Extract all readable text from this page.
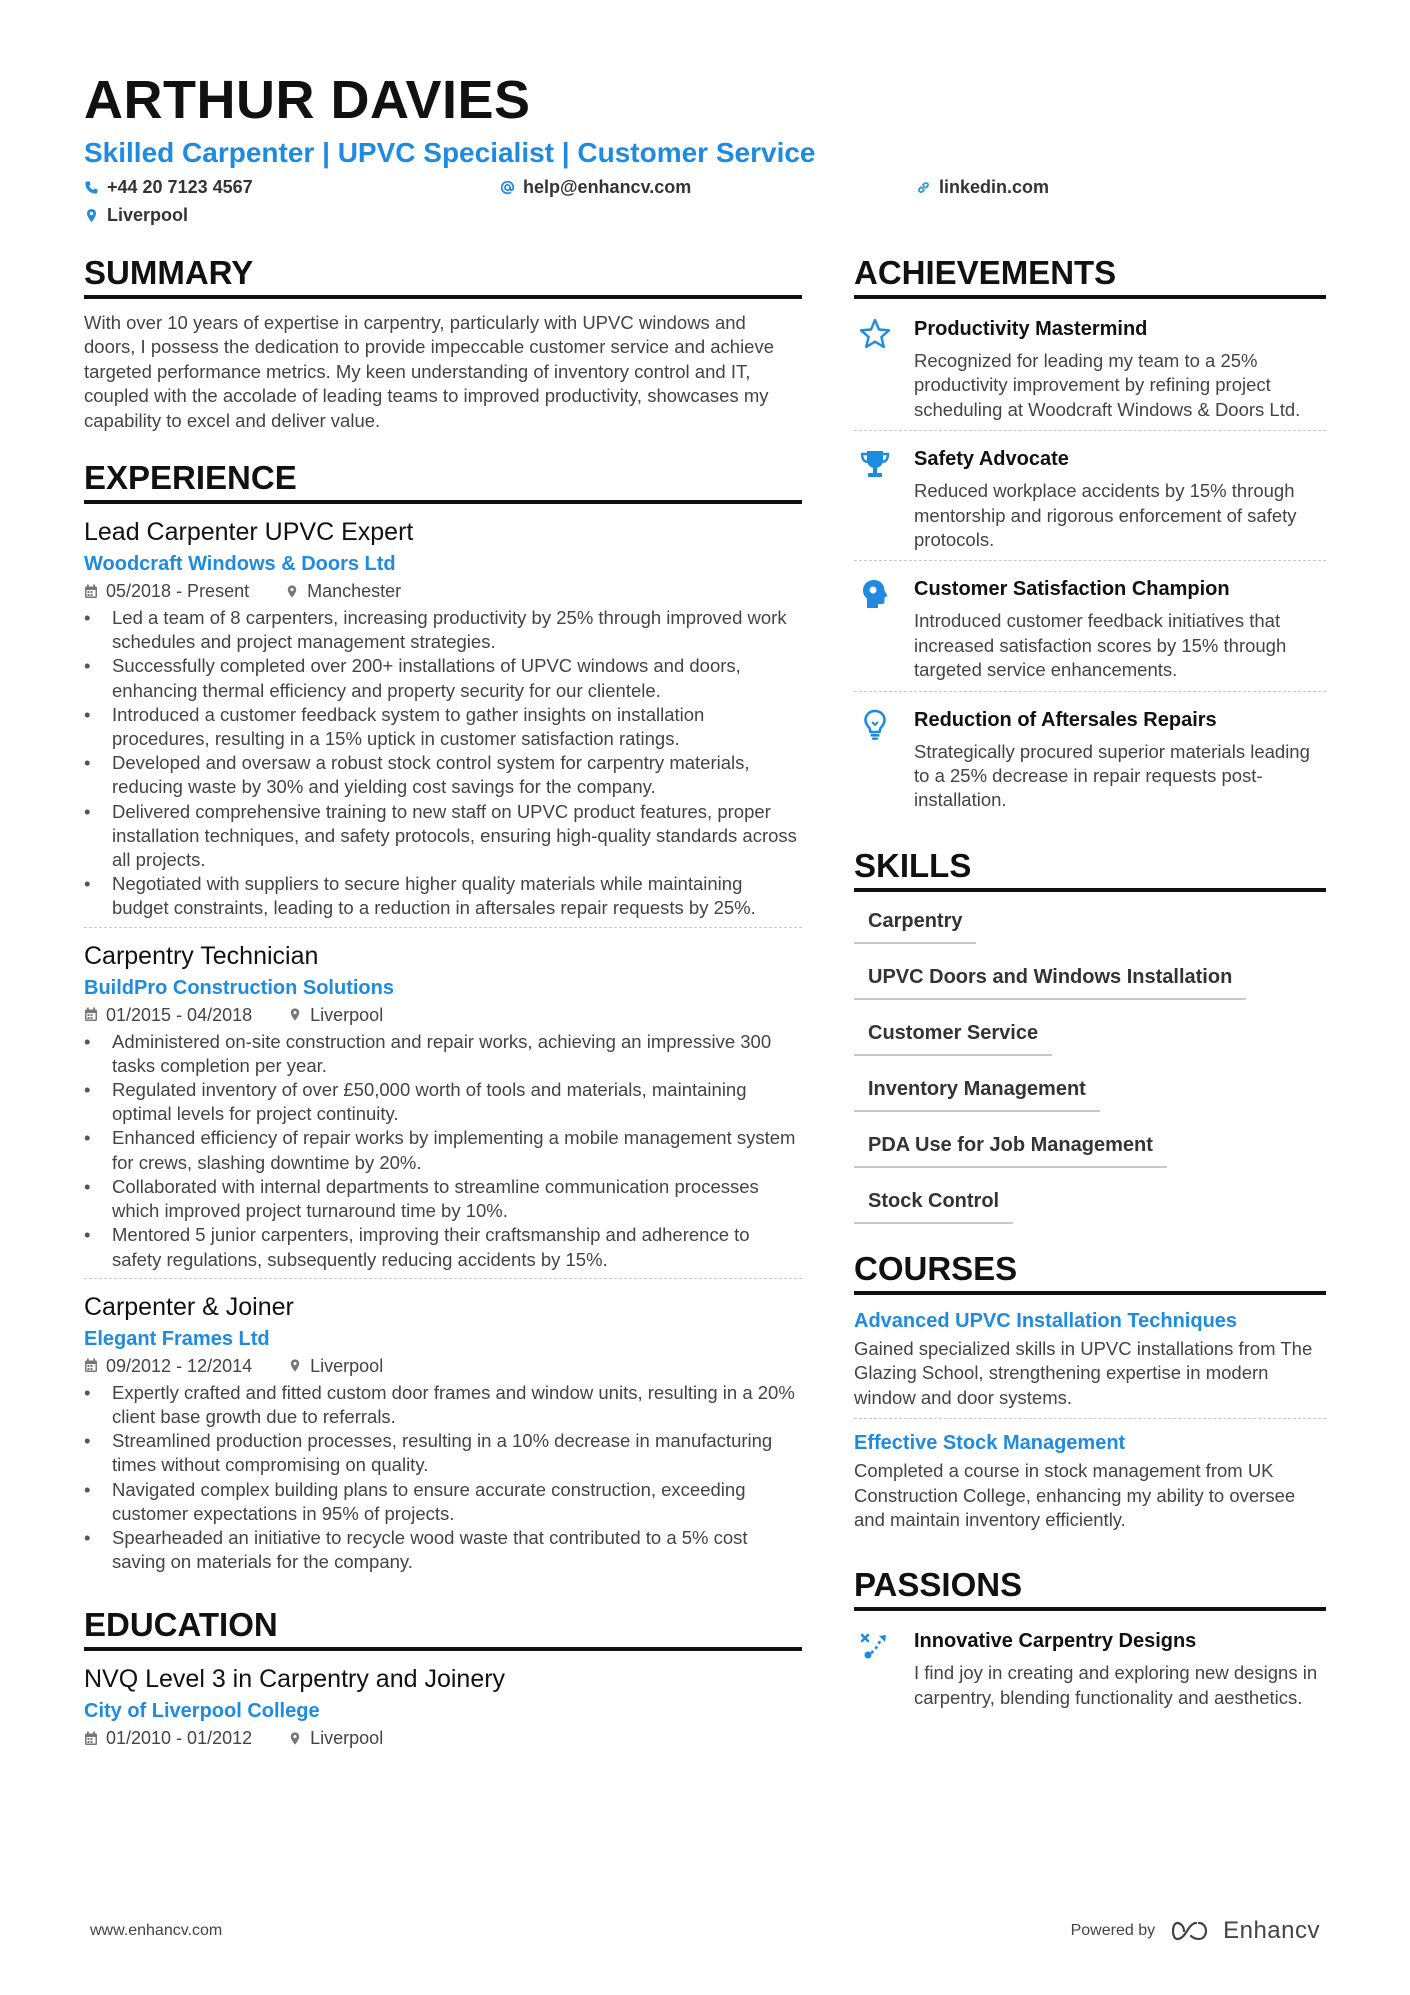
ARTHUR DAVIES
Skilled Carpenter | UPVC Specialist | Customer Service
+44 20 7123 4567	help@enhancv.com	linkedin.com
Liverpool
SUMMARY
With over 10 years of expertise in carpentry, particularly with UPVC windows and doors, I possess the dedication to provide impeccable customer service and achieve targeted performance metrics. My keen understanding of inventory control and IT, coupled with the accolade of leading teams to improved productivity, showcases my capability to excel and deliver value.
EXPERIENCE
Lead Carpenter UPVC Expert
Woodcraft Windows & Doors Ltd
05/2018 - Present	Manchester
• Led a team of 8 carpenters, increasing productivity by 25% through improved work schedules and project management strategies.
• Successfully completed over 200+ installations of UPVC windows and doors, enhancing thermal efficiency and property security for our clientele.
• Introduced a customer feedback system to gather insights on installation procedures, resulting in a 15% uptick in customer satisfaction ratings.
• Developed and oversaw a robust stock control system for carpentry materials, reducing waste by 30% and yielding cost savings for the company.
• Delivered comprehensive training to new staff on UPVC product features, proper installation techniques, and safety protocols, ensuring high-quality standards across all projects.
• Negotiated with suppliers to secure higher quality materials while maintaining budget constraints, leading to a reduction in aftersales repair requests by 25%.
Carpentry Technician
BuildPro Construction Solutions
01/2015 - 04/2018	Liverpool
• Administered on-site construction and repair works, achieving an impressive 300 tasks completion per year.
• Regulated inventory of over £50,000 worth of tools and materials, maintaining optimal levels for project continuity.
• Enhanced efficiency of repair works by implementing a mobile management system for crews, slashing downtime by 20%.
• Collaborated with internal departments to streamline communication processes which improved project turnaround time by 10%.
• Mentored 5 junior carpenters, improving their craftsmanship and adherence to safety regulations, subsequently reducing accidents by 15%.
Carpenter & Joiner
Elegant Frames Ltd
09/2012 - 12/2014	Liverpool
• Expertly crafted and fitted custom door frames and window units, resulting in a 20% client base growth due to referrals.
• Streamlined production processes, resulting in a 10% decrease in manufacturing times without compromising on quality.
• Navigated complex building plans to ensure accurate construction, exceeding customer expectations in 95% of projects.
• Spearheaded an initiative to recycle wood waste that contributed to a 5% cost saving on materials for the company.
EDUCATION
NVQ Level 3 in Carpentry and Joinery
City of Liverpool College
01/2010 - 01/2012	Liverpool
ACHIEVEMENTS
Productivity Mastermind
Recognized for leading my team to a 25% productivity improvement by refining project scheduling at Woodcraft Windows & Doors Ltd.
Safety Advocate
Reduced workplace accidents by 15% through mentorship and rigorous enforcement of safety protocols.
Customer Satisfaction Champion
Introduced customer feedback initiatives that increased satisfaction scores by 15% through targeted service enhancements.
Reduction of Aftersales Repairs
Strategically procured superior materials leading to a 25% decrease in repair requests post-installation.
SKILLS
Carpentry
UPVC Doors and Windows Installation
Customer Service
Inventory Management
PDA Use for Job Management
Stock Control
COURSES
Advanced UPVC Installation Techniques
Gained specialized skills in UPVC installations from The Glazing School, strengthening expertise in modern window and door systems.
Effective Stock Management
Completed a course in stock management from UK Construction College, enhancing my ability to oversee and maintain inventory efficiently.
PASSIONS
Innovative Carpentry Designs
I find joy in creating and exploring new designs in carpentry, blending functionality and aesthetics.
www.enhancv.com	Powered by	Enhancv
